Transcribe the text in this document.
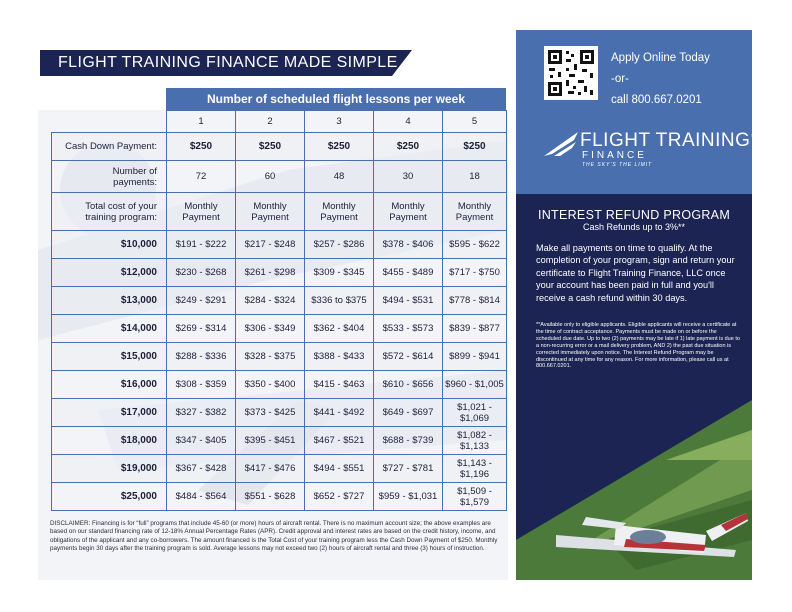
FLIGHT TRAINING FINANCE MADE SIMPLE
Number of scheduled flight lessons per week
	1	2	3	4	5
Cash Down Payment:	$250	$250	$250	$250	$250
Number of
payments:	72	60	48	30	18
Total cost of your
training program:	Monthly
Payment	Monthly
Payment	Monthly
Payment	Monthly
Payment	Monthly
Payment
$10,000	$191 - $222	$217 - $248	$257 - $286	$378 - $406	$595 - $622
$12,000	$230 - $268	$261 - $298	$309 - $345	$455 - $489	$717 - $750
$13,000	$249 - $291	$284 - $324	$336 to $375	$494 - $531	$778 - $814
$14,000	$269 - $314	$306 - $349	$362 - $404	$533 - $573	$839 - $877
$15,000	$288 - $336	$328 - $375	$388 - $433	$572 - $614	$899 - $941
$16,000	$308 - $359	$350 - $400	$415 - $463	$610 - $656	$960 - $1,005
$17,000	$327 - $382	$373 - $425	$441 - $492	$649 - $697	$1,021 - $1,069
$18,000	$347 - $405	$395 - $451	$467 - $521	$688 - $739	$1,082 - $1,133
$19,000	$367 - $428	$417 - $476	$494 - $551	$727 - $781	$1,143 - $1,196
$25,000	$484 - $564	$551 - $628	$652 - $727	$959 - $1,031	$1,509 - $1,579
DISCLAIMER: Financing is for “full” programs that include 45-60 (or more) hours of aircraft rental. There is no maximum account size; the above examples are based on our standard financing rate of 12-18% Annual Percentage Rates (APR). Credit approval and interest rates are based on the credit history, income, and obligations of the applicant and any co-borrowers. The amount financed is the Total Cost of your training program less the Cash Down Payment of $250. Monthly payments begin 30 days after the training program is sold. Average lessons may not exceed two (2) hours of aircraft rental and three (3) hours of instruction.
Apply Online Today
-or-
call 800.667.0201
FLIGHT TRAINING™
FINANCE
THE SKY'S THE LIMIT
INTEREST REFUND PROGRAM
Cash Refunds up to 3%**
Make all payments on time to qualify. At the completion of your program, sign and return your certificate to Flight Training Finance, LLC once your account has been paid in full and you'll receive a cash refund within 30 days.
**Available only to eligible applicants. Eligible applicants will receive a certificate at the time of contract acceptance. Payments must be made on or before the scheduled due date. Up to two (2) payments may be late if 1) late payment is due to a non-recurring error or a mail delivery problem, AND 2) the past due situation is corrected immediately upon notice. The Interest Refund Program may be discontinued at any time for any reason. For more information, please call us at 800.667.0201.
